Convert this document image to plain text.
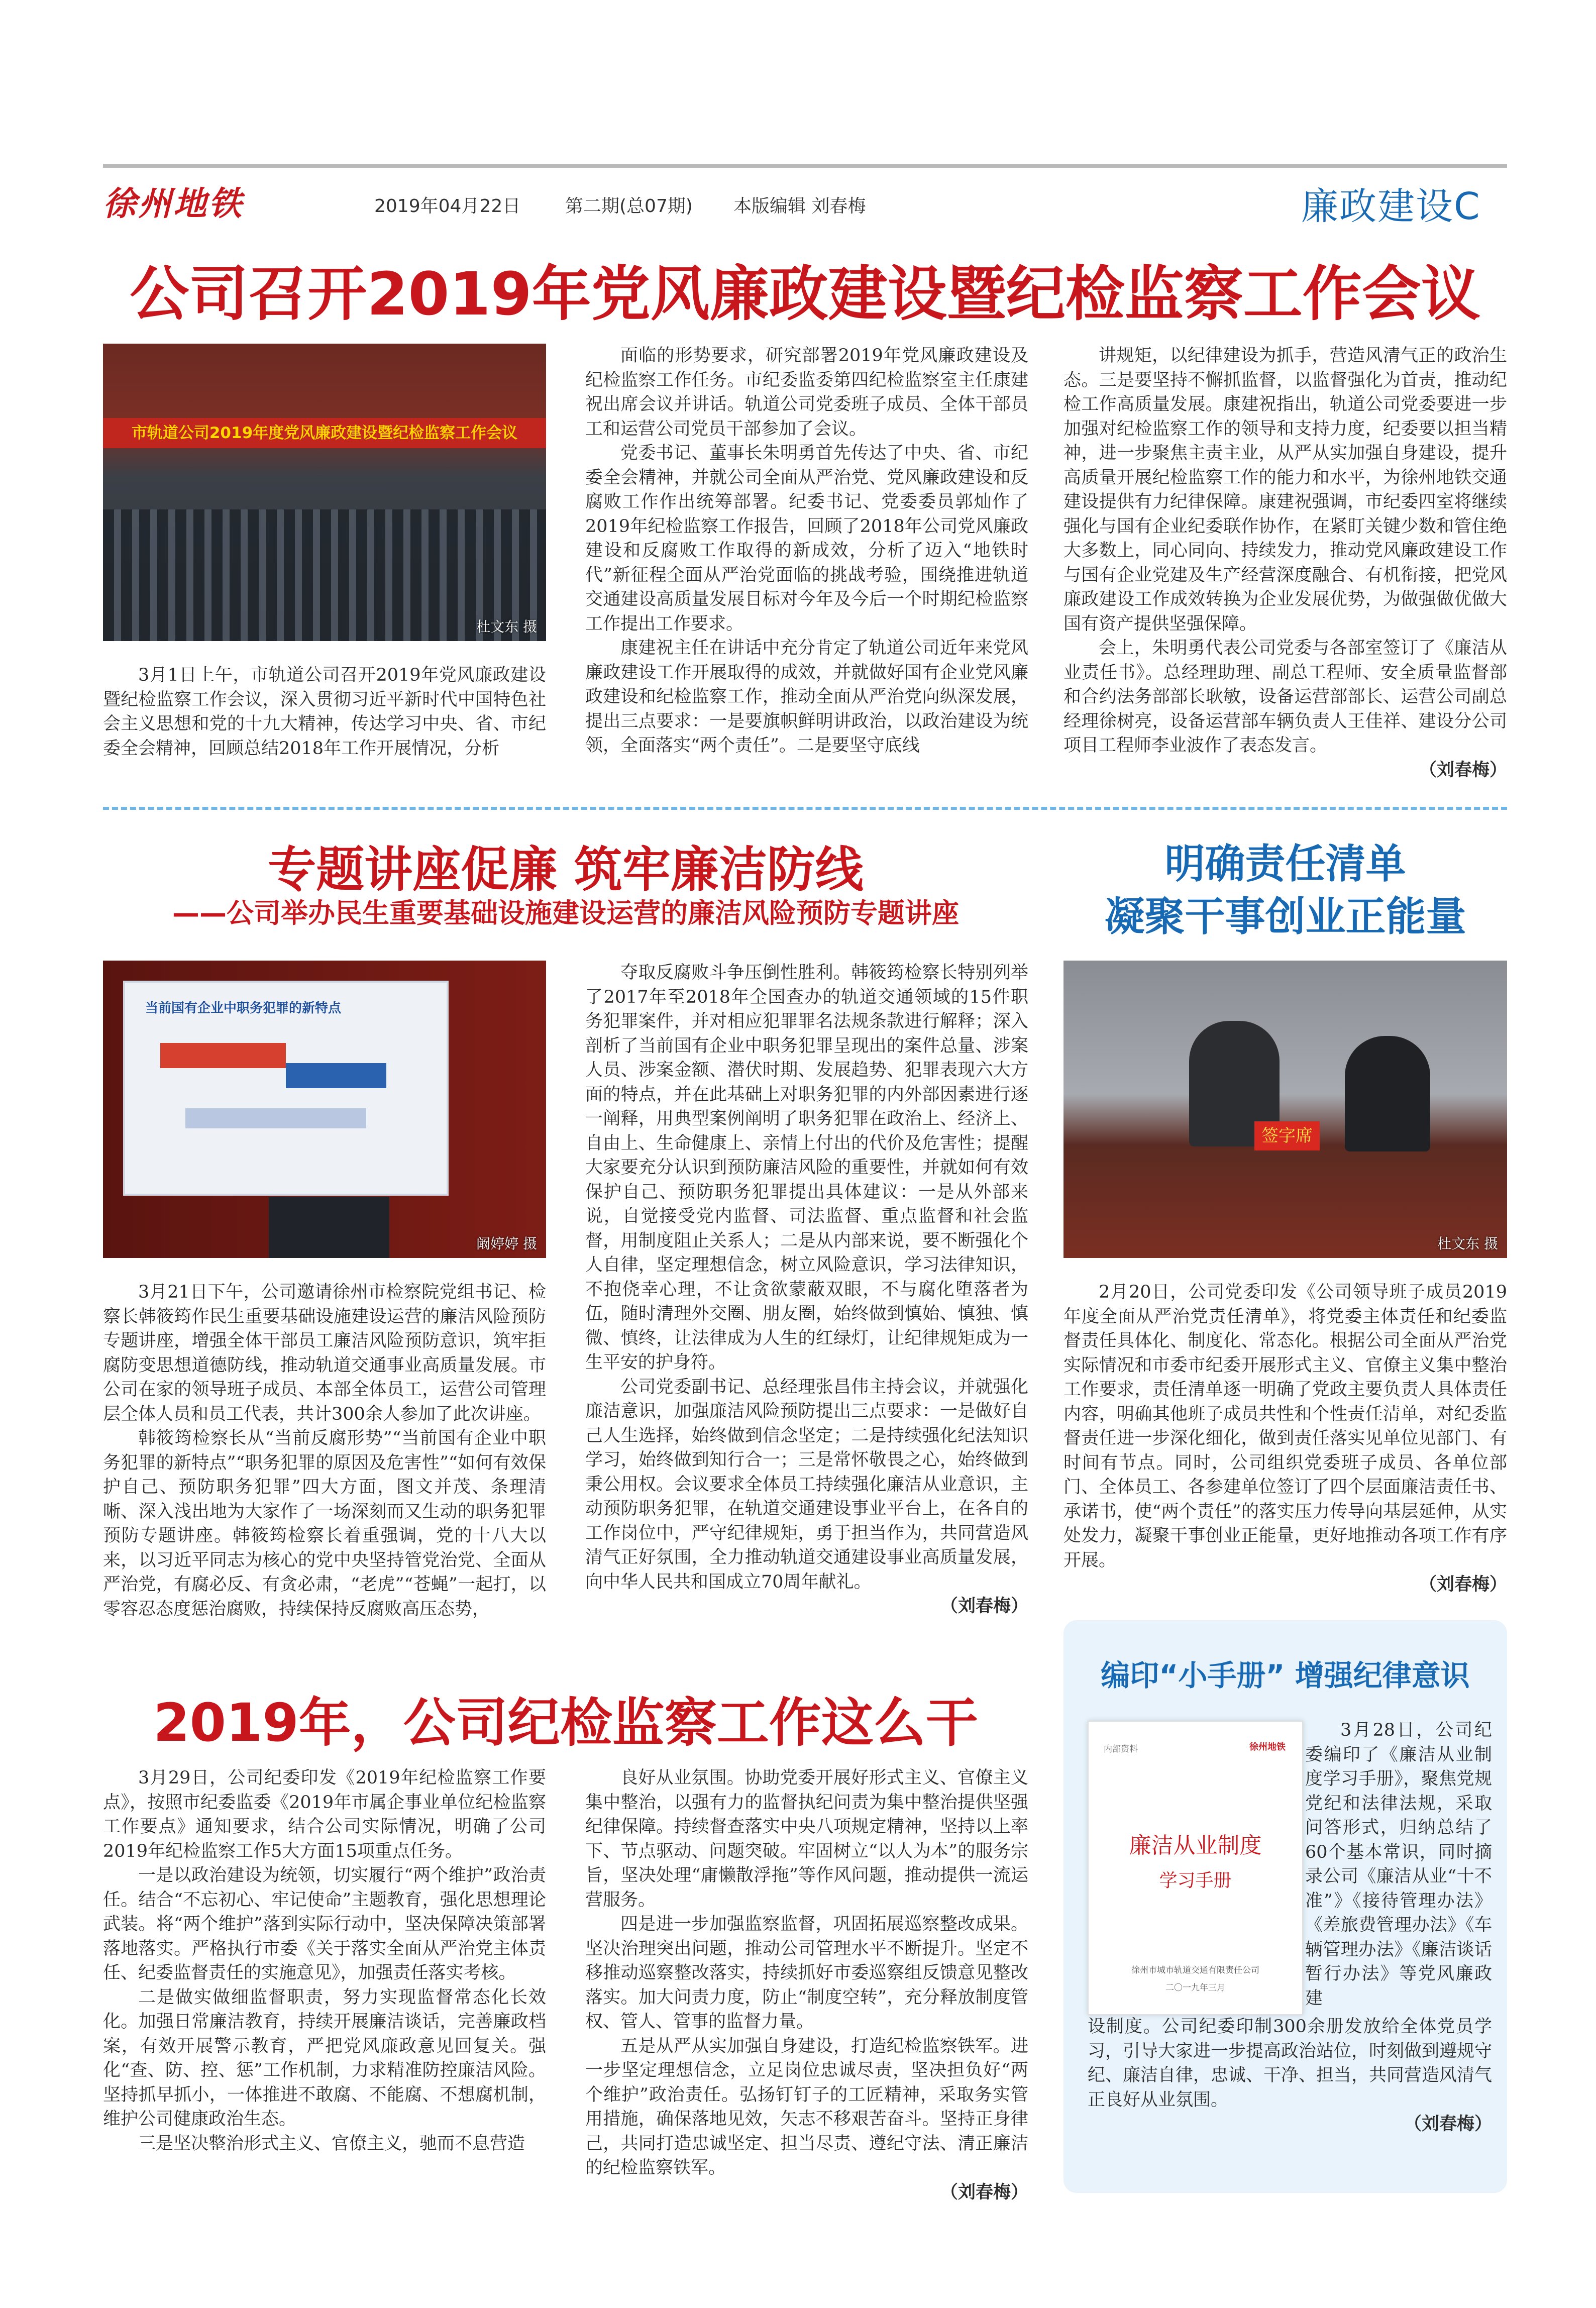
徐州地铁	2019年04月22日 第二期(总07期) 本版编辑 刘春梅	廉政建设C
公司召开2019年党风廉政建设暨纪检监察工作会议
市轨道公司2019年度党风廉政建设暨纪检监察工作会议
杜文东 摄

3月1日上午，市轨道公司召开2019年党风廉政建设暨纪检监察工作会议，深入贯彻习近平新时代中国特色社会主义思想和党的十九大精神，传达学习中央、省、市纪委全会精神，回顾总结2018年工作开展情况，分析

面临的形势要求，研究部署2019年党风廉政建设及纪检监察工作任务。市纪委监委第四纪检监察室主任康建祝出席会议并讲话。轨道公司党委班子成员、全体干部员工和运营公司党员干部参加了会议。

党委书记、董事长朱明勇首先传达了中央、省、市纪委全会精神，并就公司全面从严治党、党风廉政建设和反腐败工作作出统筹部署。纪委书记、党委委员郭灿作了2019年纪检监察工作报告，回顾了2018年公司党风廉政建设和反腐败工作取得的新成效，分析了迈入“地铁时代”新征程全面从严治党面临的挑战考验，围绕推进轨道交通建设高质量发展目标对今年及今后一个时期纪检监察工作提出工作要求。

康建祝主任在讲话中充分肯定了轨道公司近年来党风廉政建设工作开展取得的成效，并就做好国有企业党风廉政建设和纪检监察工作，推动全面从严治党向纵深发展，提出三点要求：一是要旗帜鲜明讲政治，以政治建设为统领，全面落实“两个责任”。二是要坚守底线

讲规矩，以纪律建设为抓手，营造风清气正的政治生态。三是要坚持不懈抓监督，以监督强化为首责，推动纪检工作高质量发展。康建祝指出，轨道公司党委要进一步加强对纪检监察工作的领导和支持力度，纪委要以担当精神，进一步聚焦主责主业，从严从实加强自身建设，提升高质量开展纪检监察工作的能力和水平，为徐州地铁交通建设提供有力纪律保障。康建祝强调，市纪委四室将继续强化与国有企业纪委联作协作，在紧盯关键少数和管住绝大多数上，同心同向、持续发力，推动党风廉政建设工作与国有企业党建及生产经营深度融合、有机衔接，把党风廉政建设工作成效转换为企业发展优势，为做强做优做大国有资产提供坚强保障。

会上，朱明勇代表公司党委与各部室签订了《廉洁从业责任书》。总经理助理、副总工程师、安全质量监督部和合约法务部部长耿敏，设备运营部部长、运营公司副总经理徐树亮，设备运营部车辆负责人王佳祥、建设分公司项目工程师李业波作了表态发言。

（刘春梅）

专题讲座促廉 筑牢廉洁防线
——公司举办民生重要基础设施建设运营的廉洁风险预防专题讲座
当前国有企业中职务犯罪的新特点
阚婷婷 摄

3月21日下午，公司邀请徐州市检察院党组书记、检察长韩筱筠作民生重要基础设施建设运营的廉洁风险预防专题讲座，增强全体干部员工廉洁风险预防意识，筑牢拒腐防变思想道德防线，推动轨道交通事业高质量发展。市公司在家的领导班子成员、本部全体员工，运营公司管理层全体人员和员工代表，共计300余人参加了此次讲座。

韩筱筠检察长从“当前反腐形势”“当前国有企业中职务犯罪的新特点”“职务犯罪的原因及危害性”“如何有效保护自己、预防职务犯罪”四大方面，图文并茂、条理清晰、深入浅出地为大家作了一场深刻而又生动的职务犯罪预防专题讲座。韩筱筠检察长着重强调，党的十八大以来，以习近平同志为核心的党中央坚持管党治党、全面从严治党，有腐必反、有贪必肃，“老虎”“苍蝇”一起打，以零容忍态度惩治腐败，持续保持反腐败高压态势，

夺取反腐败斗争压倒性胜利。韩筱筠检察长特别列举了2017年至2018年全国查办的轨道交通领域的15件职务犯罪案件，并对相应犯罪罪名法规条款进行解释；深入剖析了当前国有企业中职务犯罪呈现出的案件总量、涉案人员、涉案金额、潜伏时期、发展趋势、犯罪表现六大方面的特点，并在此基础上对职务犯罪的内外部因素进行逐一阐释，用典型案例阐明了职务犯罪在政治上、经济上、自由上、生命健康上、亲情上付出的代价及危害性；提醒大家要充分认识到预防廉洁风险的重要性，并就如何有效保护自己、预防职务犯罪提出具体建议：一是从外部来说，自觉接受党内监督、司法监督、重点监督和社会监督，用制度阻止关系人；二是从内部来说，要不断强化个人自律，坚定理想信念，树立风险意识，学习法律知识，不抱侥幸心理，不让贪欲蒙蔽双眼，不与腐化堕落者为伍，随时清理外交圈、朋友圈，始终做到慎始、慎独、慎微、慎终，让法律成为人生的红绿灯，让纪律规矩成为一生平安的护身符。

公司党委副书记、总经理张昌伟主持会议，并就强化廉洁意识，加强廉洁风险预防提出三点要求：一是做好自己人生选择，始终做到信念坚定；二是持续强化纪法知识学习，始终做到知行合一；三是常怀敬畏之心，始终做到秉公用权。会议要求全体员工持续强化廉洁从业意识，主动预防职务犯罪，在轨道交通建设事业平台上，在各自的工作岗位中，严守纪律规矩，勇于担当作为，共同营造风清气正好氛围，全力推动轨道交通建设事业高质量发展，向中华人民共和国成立70周年献礼。

（刘春梅）

明确责任清单
凝聚干事创业正能量
签字席
杜文东 摄

2月20日，公司党委印发《公司领导班子成员2019年度全面从严治党责任清单》，将党委主体责任和纪委监督责任具体化、制度化、常态化。根据公司全面从严治党实际情况和市委市纪委开展形式主义、官僚主义集中整治工作要求，责任清单逐一明确了党政主要负责人具体责任内容，明确其他班子成员共性和个性责任清单，对纪委监督责任进一步深化细化，做到责任落实见单位见部门、有时间有节点。同时，公司组织党委班子成员、各单位部门、全体员工、各参建单位签订了四个层面廉洁责任书、承诺书，使“两个责任”的落实压力传导向基层延伸，从实处发力，凝聚干事创业正能量，更好地推动各项工作有序开展。

（刘春梅）

2019年，公司纪检监察工作这么干

3月29日，公司纪委印发《2019年纪检监察工作要点》，按照市纪委监委《2019年市属企事业单位纪检监察工作要点》通知要求，结合公司实际情况，明确了公司2019年纪检监察工作5大方面15项重点任务。

一是以政治建设为统领，切实履行“两个维护”政治责任。结合“不忘初心、牢记使命”主题教育，强化思想理论武装。将“两个维护”落到实际行动中，坚决保障决策部署落地落实。严格执行市委《关于落实全面从严治党主体责任、纪委监督责任的实施意见》，加强责任落实考核。

二是做实做细监督职责，努力实现监督常态化长效化。加强日常廉洁教育，持续开展廉洁谈话，完善廉政档案，有效开展警示教育，严把党风廉政意见回复关。强化“查、防、控、惩”工作机制，力求精准防控廉洁风险。坚持抓早抓小，一体推进不敢腐、不能腐、不想腐机制，维护公司健康政治生态。

三是坚决整治形式主义、官僚主义，驰而不息营造

良好从业氛围。协助党委开展好形式主义、官僚主义集中整治，以强有力的监督执纪问责为集中整治提供坚强纪律保障。持续督查落实中央八项规定精神，坚持以上率下、节点驱动、问题突破。牢固树立“以人为本”的服务宗旨，坚决处理“庸懒散浮拖”等作风问题，推动提供一流运营服务。

四是进一步加强监察监督，巩固拓展巡察整改成果。坚决治理突出问题，推动公司管理水平不断提升。坚定不移推动巡察整改落实，持续抓好市委巡察组反馈意见整改落实。加大问责力度，防止“制度空转”，充分释放制度管权、管人、管事的监督力量。

五是从严从实加强自身建设，打造纪检监察铁军。进一步坚定理想信念，立足岗位忠诚尽责，坚决担负好“两个维护”政治责任。弘扬钉钉子的工匠精神，采取务实管用措施，确保落地见效，矢志不移艰苦奋斗。坚持正身律己，共同打造忠诚坚定、担当尽责、遵纪守法、清正廉洁的纪检监察铁军。

（刘春梅）

编印“小手册” 增强纪律意识
内部资料	徐州地铁
廉洁从业制度
学习手册
徐州市城市轨道交通有限责任公司
二〇一九年三月

3月28日，公司纪委编印了《廉洁从业制度学习手册》，聚焦党规党纪和法律法规，采取问答形式，归纳总结了60个基本常识，同时摘录公司《廉洁从业“十不准”》《接待管理办法》《差旅费管理办法》《车辆管理办法》《廉洁谈话暂行办法》等党风廉政建

设制度。公司纪委印制300余册发放给全体党员学习，引导大家进一步提高政治站位，时刻做到遵规守纪、廉洁自律，忠诚、干净、担当，共同营造风清气正良好从业氛围。

（刘春梅）
